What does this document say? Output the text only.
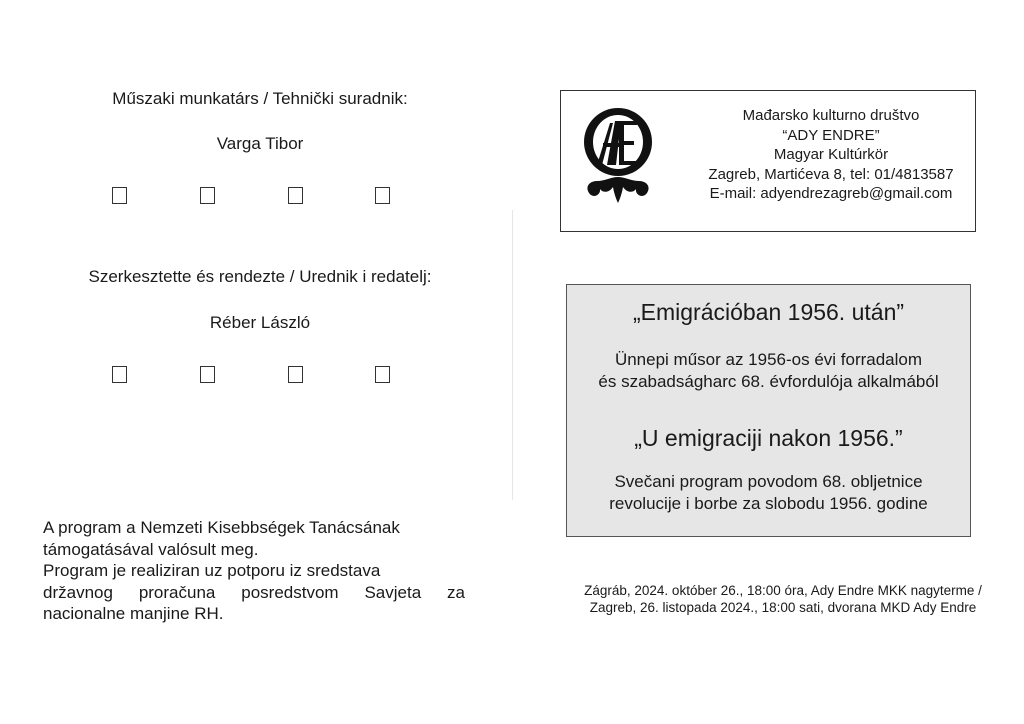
Műszaki munkatárs / Tehnički suradnik:
Varga Tibor
Szerkesztette és rendezte / Urednik i redatelj:
Réber László

A program a Nemzeti Kisebbségek Tanácsának

támogatásával valósult meg.

Program je realiziran uz potporu iz sredstava

državnog proračuna posredstvom Savjeta za

nacionalne manjine RH.

Mađarsko kulturno društvo
“ADY ENDRE”
Magyar Kultúrkör
Zagreb, Martićeva 8, tel: 01/4813587
E-mail: adyendrezagreb@gmail.com
„Emigrációban 1956. után”
Ünnepi műsor az 1956-os évi forradalom
és szabadságharc 68. évfordulója alkalmából
„U emigraciji nakon 1956.”
Svečani program povodom 68. obljetnice
revolucije i borbe za slobodu 1956. godine
Zágráb, 2024. október 26., 18:00 óra, Ady Endre MKK nagyterme /
Zagreb, 26. listopada 2024., 18:00 sati, dvorana MKD Ady Endre
